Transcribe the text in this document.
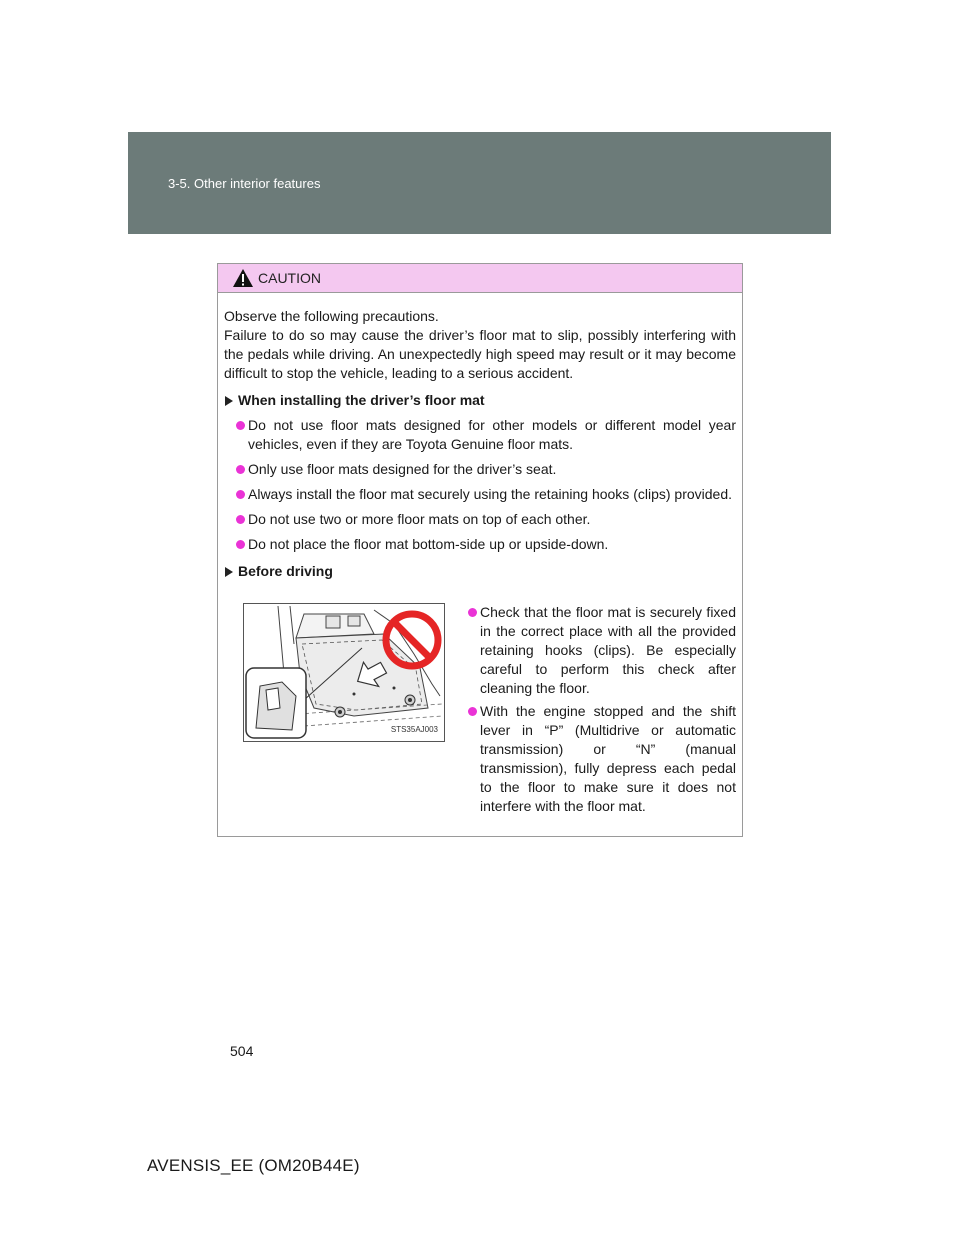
3-5. Other interior features
CAUTION

Observe the following precautions.

Failure to do so may cause the driver’s floor mat to slip, possibly interfering with the pedals while driving. An unexpectedly high speed may result or it may become difficult to stop the vehicle, leading to a serious accident.

When installing the driver’s floor mat
Do not use floor mats designed for other models or different model year vehicles, even if they are Toyota Genuine floor mats.
Only use floor mats designed for the driver’s seat.
Always install the floor mat securely using the retaining hooks (clips) provided.
Do not use two or more floor mats on top of each other.
Do not place the floor mat bottom-side up or upside-down.
Before driving
STS35AJ003
Check that the floor mat is securely fixed in the correct place with all the provided retaining hooks (clips). Be especially careful to perform this check after cleaning the floor.
With the engine stopped and the shift lever in “P” (Multidrive or automatic transmission) or “N” (manual transmission), fully depress each pedal to the floor to make sure it does not interfere with the floor mat.
504
AVENSIS_EE (OM20B44E)
